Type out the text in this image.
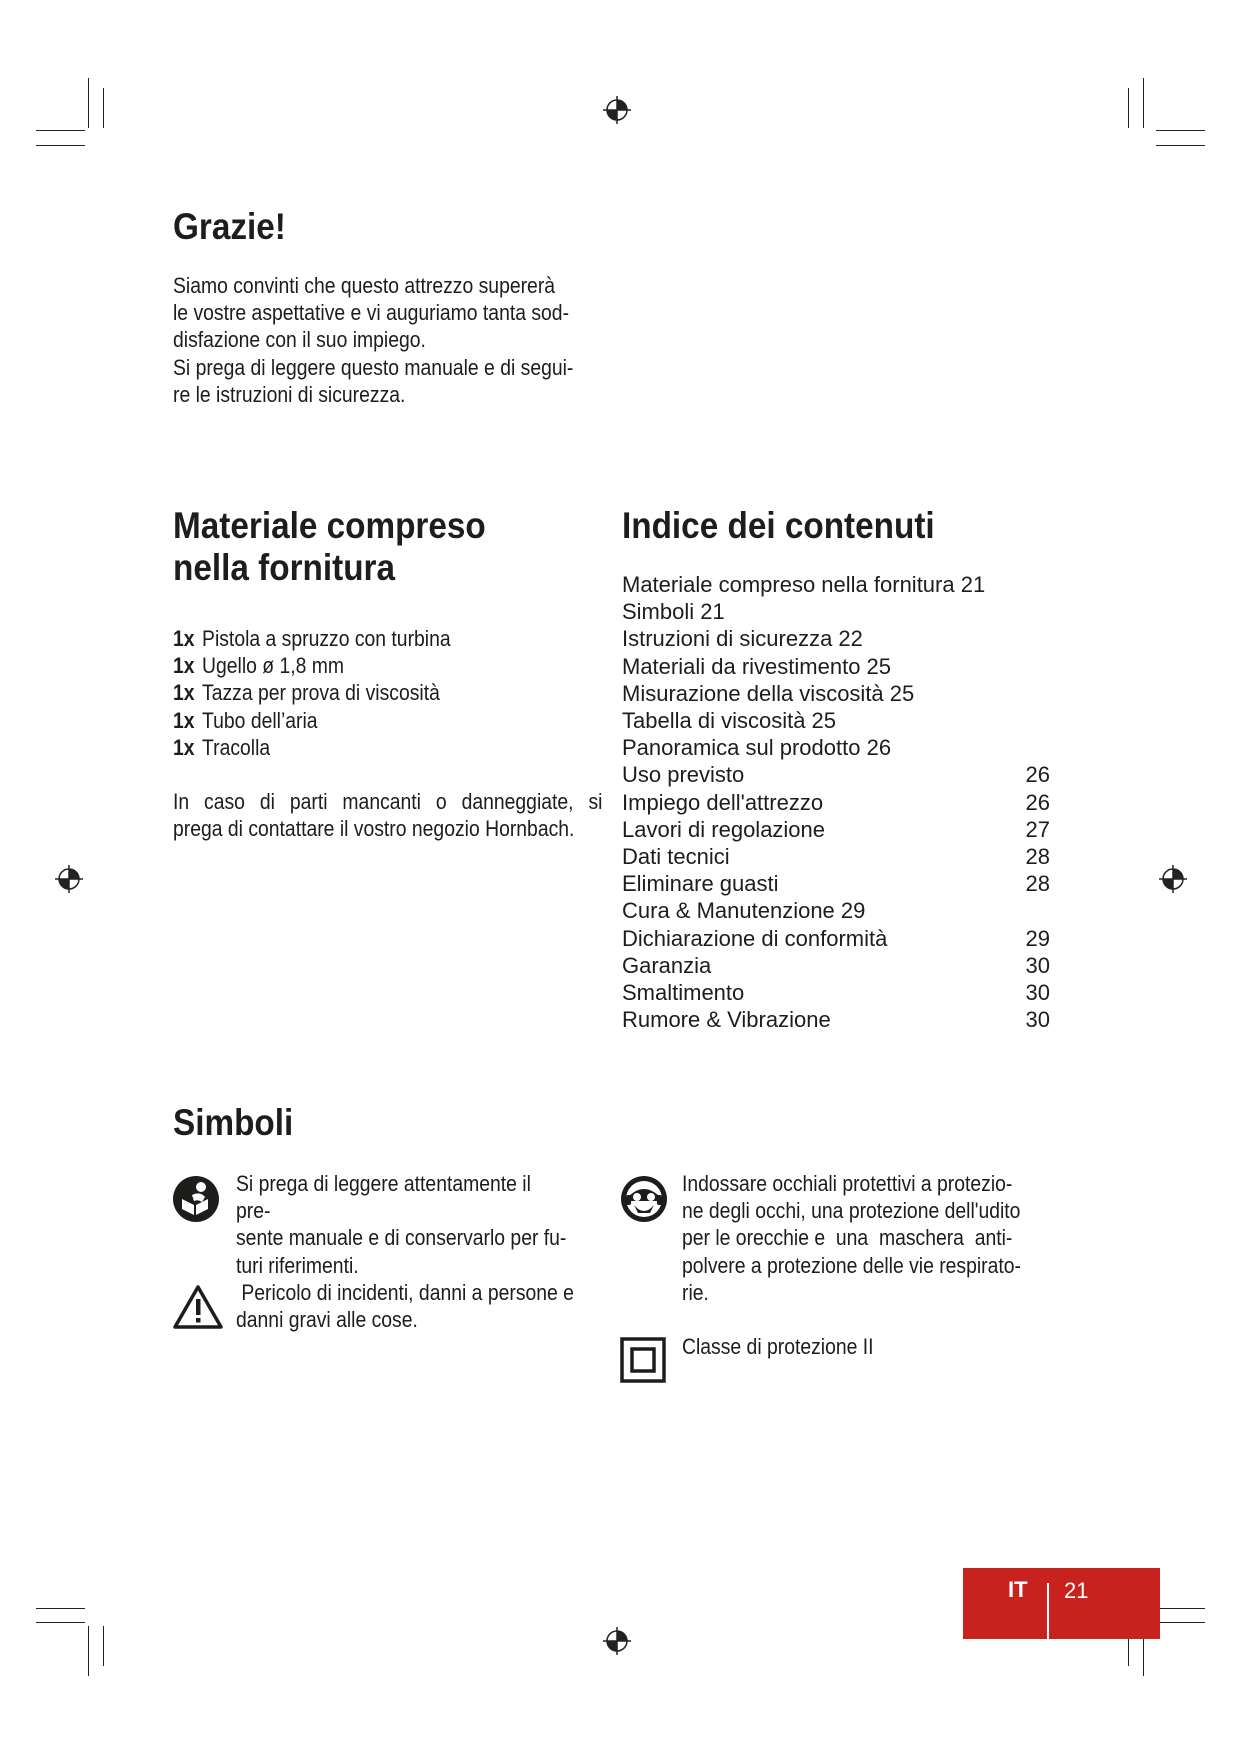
Grazie!
Siamo convinti che questo attrezzo supererà
le vostre aspettative e vi auguriamo tanta sod-
disfazione con il suo impiego.
Si prega di leggere questo manuale e di segui-
re le istruzioni di sicurezza.
Materiale compreso
nella fornitura
1x Pistola a spruzzo con turbina
1x Ugello ø 1,8 mm
1x Tazza per prova di viscosità
1x Tubo dell’aria
1x Tracolla
In caso di parti mancanti o danneggiate, si
prega di contattare il vostro negozio Hornbach.
Indice dei contenuti
Materiale compreso nella fornitura 21
Simboli 21
Istruzioni di sicurezza 22
Materiali da rivestimento 25
Misurazione della viscosità 25
Tabella di viscosità 25
Panoramica sul prodotto 26
Uso previsto	26
Impiego dell'attrezzo	26
Lavori di regolazione	27
Dati tecnici	28
Eliminare guasti	28
Cura & Manutenzione 29
Dichiarazione di conformità	29
Garanzia	30
Smaltimento	30
Rumore & Vibrazione	30
Simboli
Si prega di leggere attentamente il pre-
sente manuale e di conservarlo per fu-
turi riferimenti.
Pericolo di incidenti, danni a persone e
danni gravi alle cose.
Indossare occhiali protettivi a protezio-
ne degli occhi, una protezione dell'udito
per le orecchie e  una  maschera  anti-
polvere a protezione delle vie respirato-
rie.
Classe di protezione II
IT 21
